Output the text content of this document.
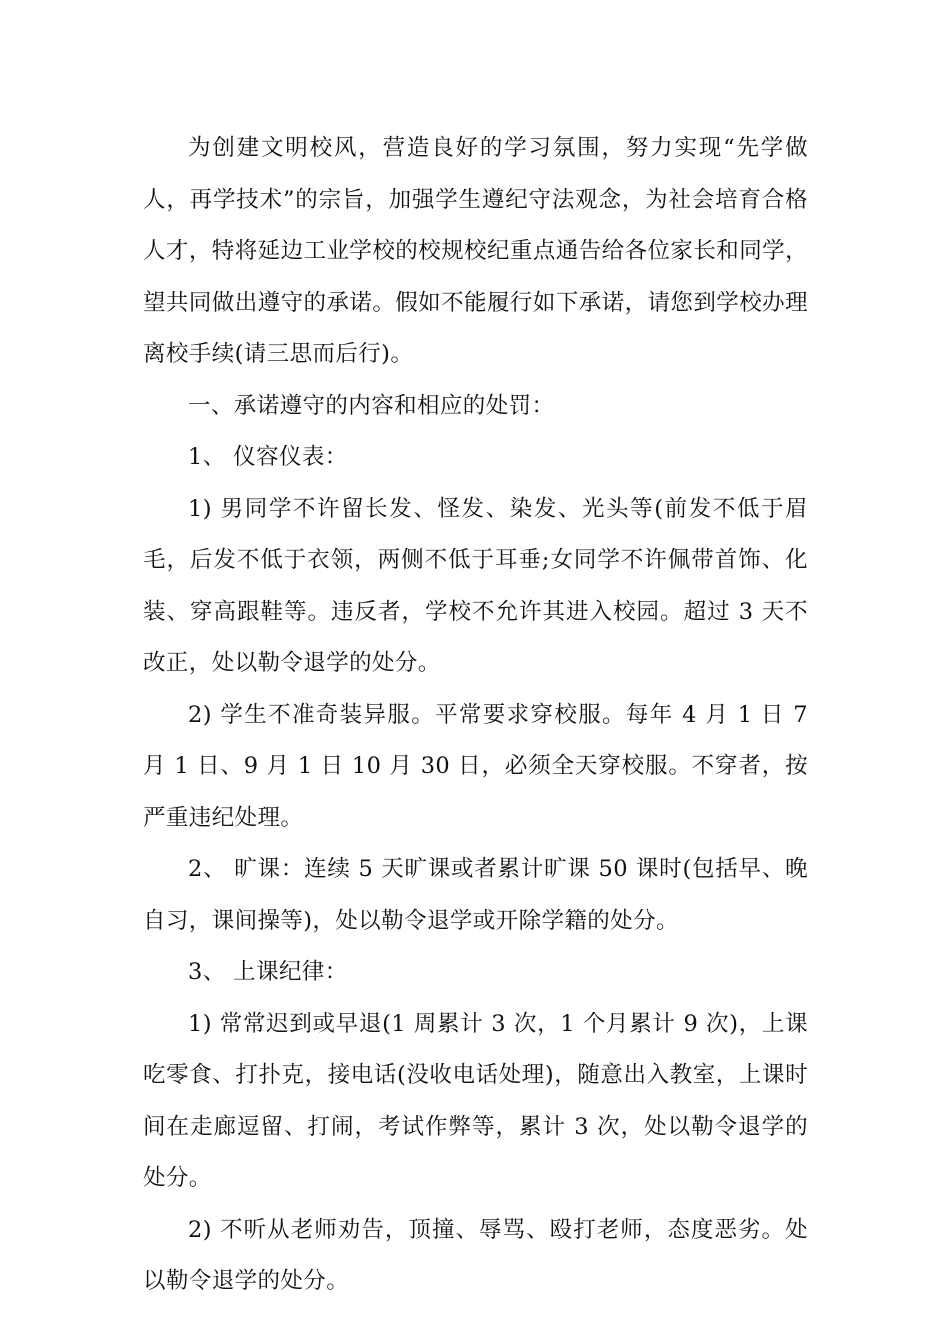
为创建文明校风，营造良好的学习氛围，努力实现“先学做人，再学技术”的宗旨，加强学生遵纪守法观念，为社会培育合格人才，特将延边工业学校的校规校纪重点通告给各位家长和同学，望共同做出遵守的承诺。假如不能履行如下承诺，请您到学校办理离校手续(请三思而后行)。

一、承诺遵守的内容和相应的处罚：

1、 仪容仪表：

1) 男同学不许留长发、怪发、染发、光头等(前发不低于眉毛，后发不低于衣领，两侧不低于耳垂;女同学不许佩带首饰、化装、穿高跟鞋等。违反者，学校不允许其进入校园。超过 3 天不改正，处以勒令退学的处分。

2) 学生不准奇装异服。平常要求穿校服。每年 4 月 1 日 7 月 1 日、9 月 1 日 10 月 30 日，必须全天穿校服。不穿者，按严重违纪处理。

2、 旷课：连续 5 天旷课或者累计旷课 50 课时(包括早、晚自习，课间操等)，处以勒令退学或开除学籍的处分。

3、 上课纪律：

1) 常常迟到或早退(1 周累计 3 次，1 个月累计 9 次)，上课吃零食、打扑克，接电话(没收电话处理)，随意出入教室，上课时间在走廊逗留、打闹，考试作弊等，累计 3 次，处以勒令退学的处分。

2) 不听从老师劝告，顶撞、辱骂、殴打老师，态度恶劣。处以勒令退学的处分。
